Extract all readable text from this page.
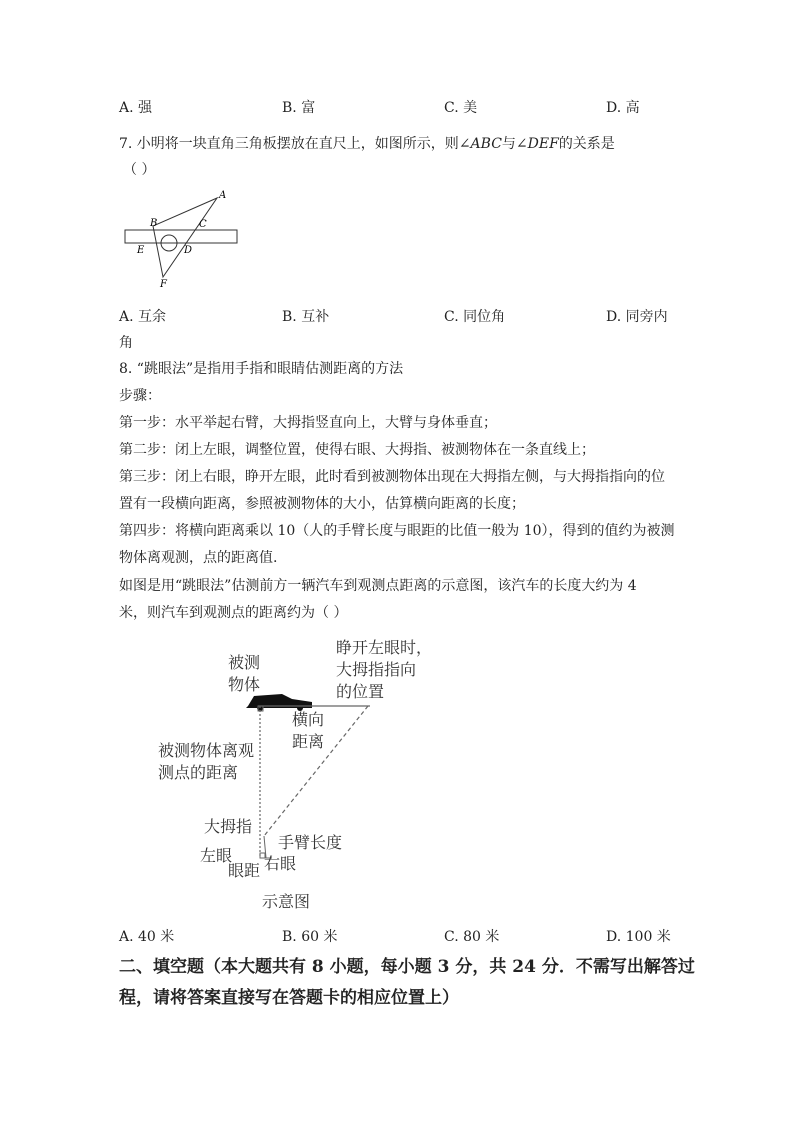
A. 强	B. 富	C. 美	D. 高
7. 小明将一块直角三角板摆放在直尺上，如图所示，则∠ABC与∠DEF的关系是
（ ）
A
B	C
D
E
F
A. 互余	B. 互补	C. 同位角	D. 同旁内
角
8. “跳眼法”是指用手指和眼睛估测距离的方法
步骤：
第一步：水平举起右臂，大拇指竖直向上，大臂与身体垂直；
第二步：闭上左眼，调整位置，使得右眼、大拇指、被测物体在一条直线上；
第三步：闭上右眼，睁开左眼，此时看到被测物体出现在大拇指左侧，与大拇指指向的位
置有一段横向距离，参照被测物体的大小，估算横向距离的长度；
第四步：将横向距离乘以 10（人的手臂长度与眼距的比值一般为 10），得到的值约为被测
物体离观测，点的距离值.
如图是用“跳眼法”估测前方一辆汽车到观测点距离的示意图，该汽车的长度大约为 4
米，则汽车到观测点的距离约为（ ）
被测
物体
睁开左眼时，
大拇指指向
的位置
横向
距离
被测物体离观
测点的距离
大拇指
手臂长度
左眼 右眼
眼距
示意图
A. 40 米	B. 60 米	C. 80 米	D. 100 米
二、填空题（本大题共有 8 小题，每小题 3 分，共 24 分．不需写出解答过
程，请将答案直接写在答题卡的相应位置上）
